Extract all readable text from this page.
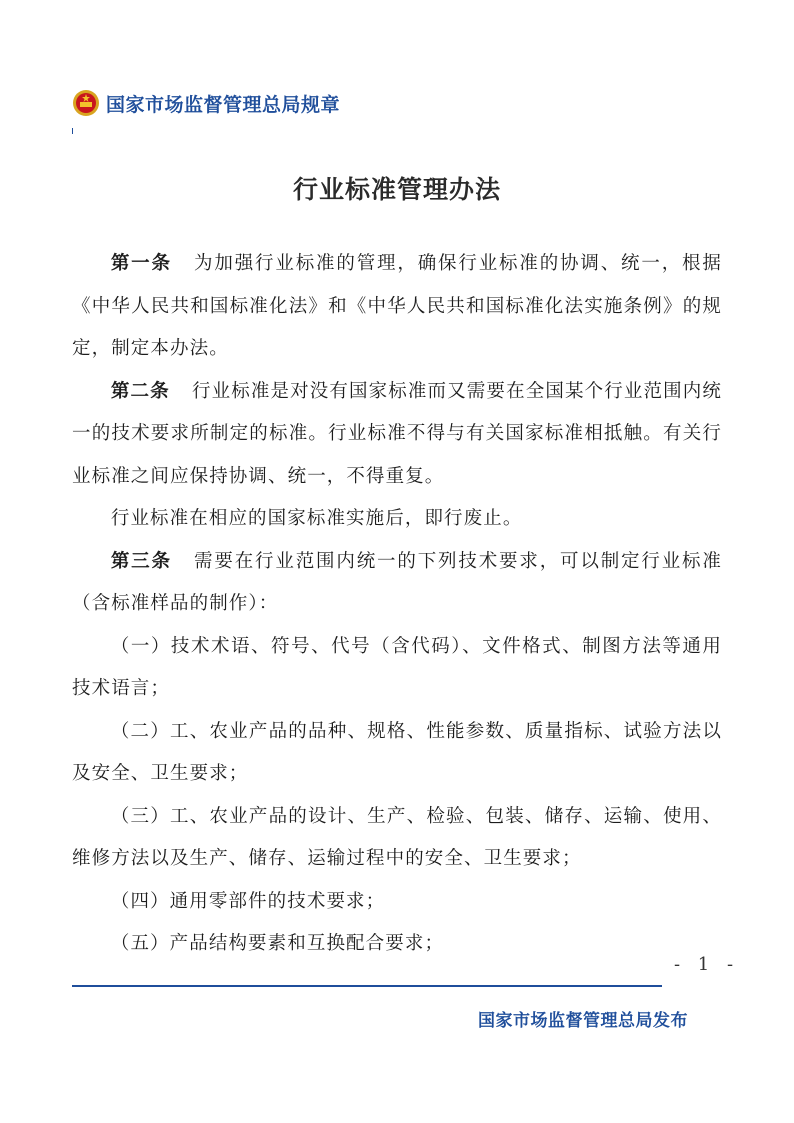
国家市场监督管理总局规章
行业标准管理办法

第一条 为加强行业标准的管理，确保行业标准的协调、统一，根据《中华人民共和国标准化法》和《中华人民共和国标准化法实施条例》的规定，制定本办法。

第二条 行业标准是对没有国家标准而又需要在全国某个行业范围内统一的技术要求所制定的标准。行业标准不得与有关国家标准相抵触。有关行业标准之间应保持协调、统一，不得重复。

行业标准在相应的国家标准实施后，即行废止。

第三条 需要在行业范围内统一的下列技术要求，可以制定行业标准（含标准样品的制作）：

（一）技术术语、符号、代号（含代码）、文件格式、制图方法等通用技术语言；

（二）工、农业产品的品种、规格、性能参数、质量指标、试验方法以及安全、卫生要求；

（三）工、农业产品的设计、生产、检验、包装、储存、运输、使用、维修方法以及生产、储存、运输过程中的安全、卫生要求；

（四）通用零部件的技术要求；

（五）产品结构要素和互换配合要求；

- 1 -
国家市场监督管理总局发布
